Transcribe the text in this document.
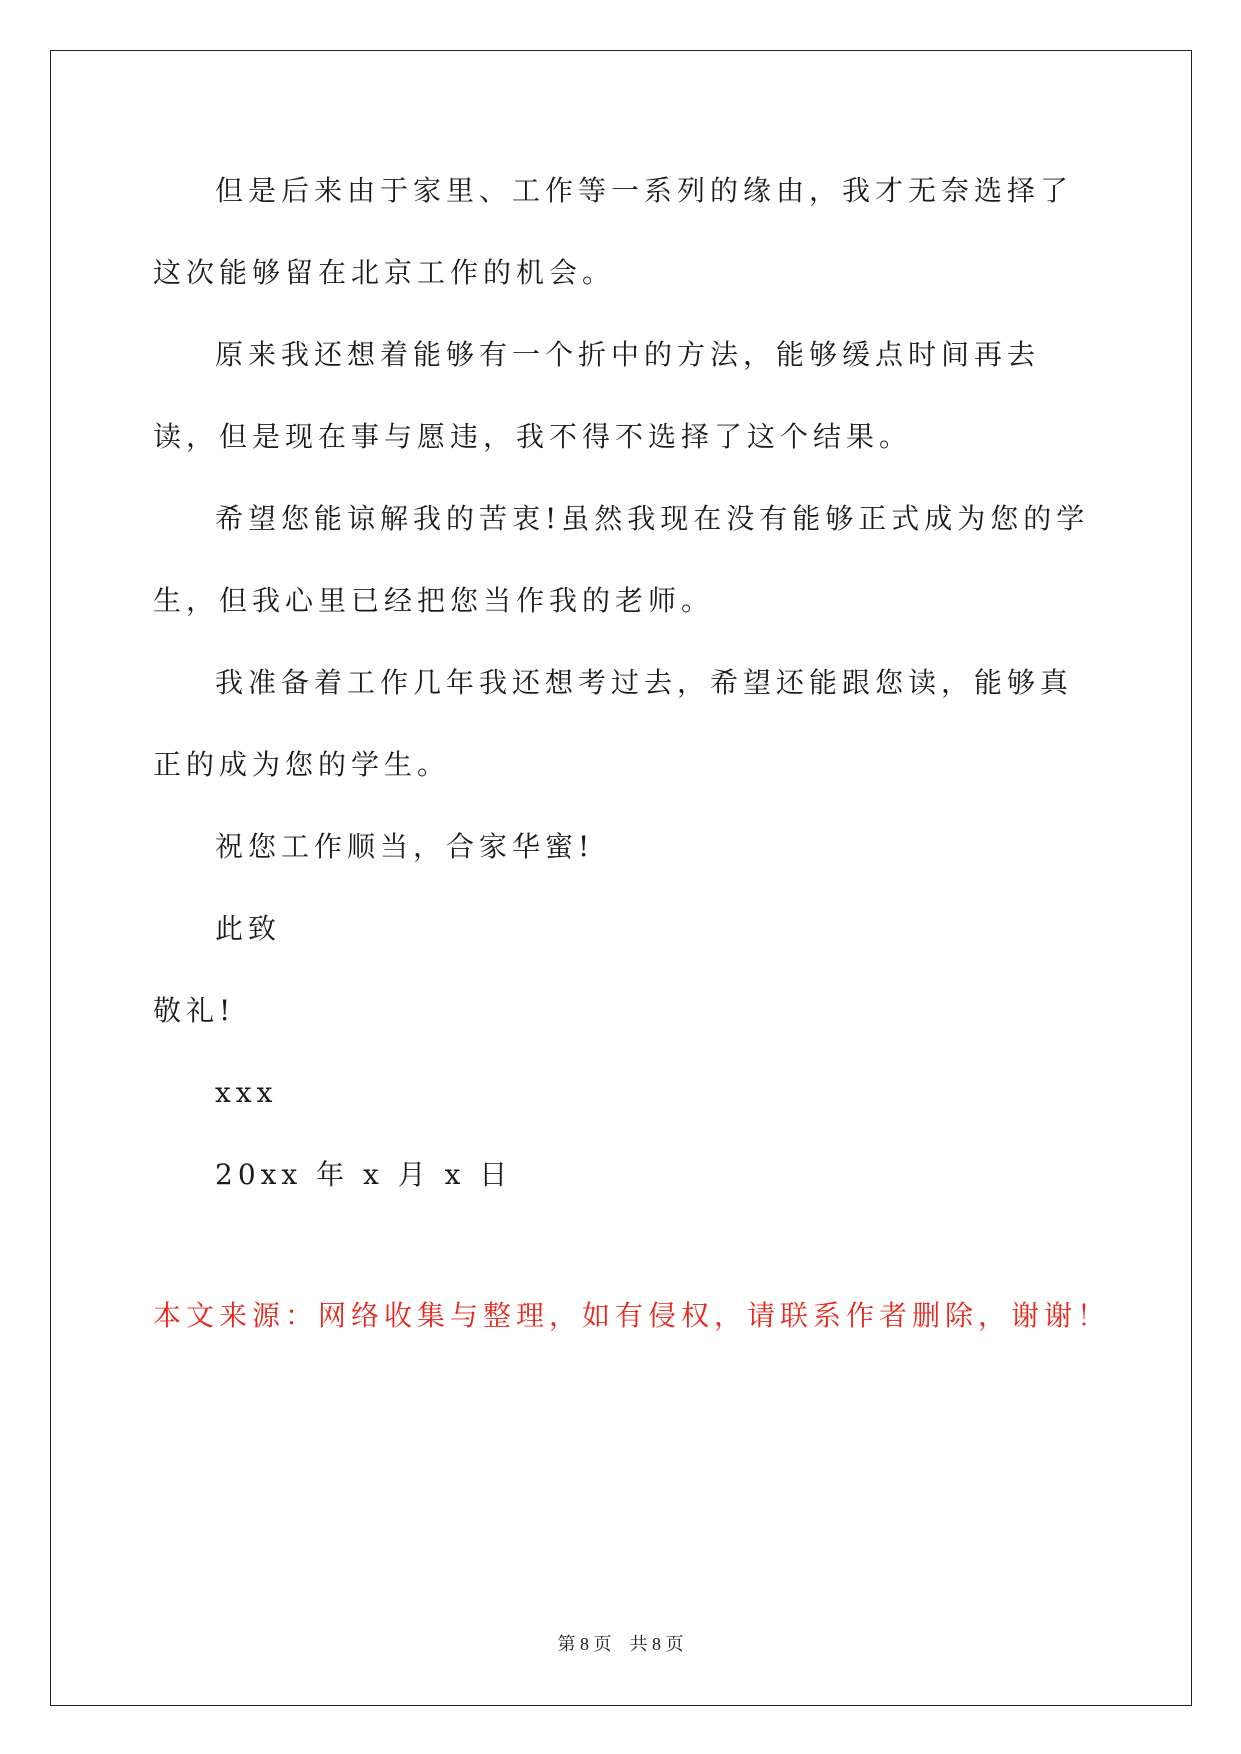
但是后来由于家里、工作等一系列的缘由，我才无奈选择了这次能够留在北京工作的机会。

原来我还想着能够有一个折中的方法，能够缓点时间再去读，但是现在事与愿违，我不得不选择了这个结果。

希望您能谅解我的苦衷!虽然我现在没有能够正式成为您的学生，但我心里已经把您当作我的老师。

我准备着工作几年我还想考过去，希望还能跟您读，能够真正的成为您的学生。

祝您工作顺当，合家华蜜!

此致

敬礼!

xxx

20xx 年 x 月 x 日

本文来源：网络收集与整理，如有侵权，请联系作者删除，谢谢！
第 8 页    共 8 页
